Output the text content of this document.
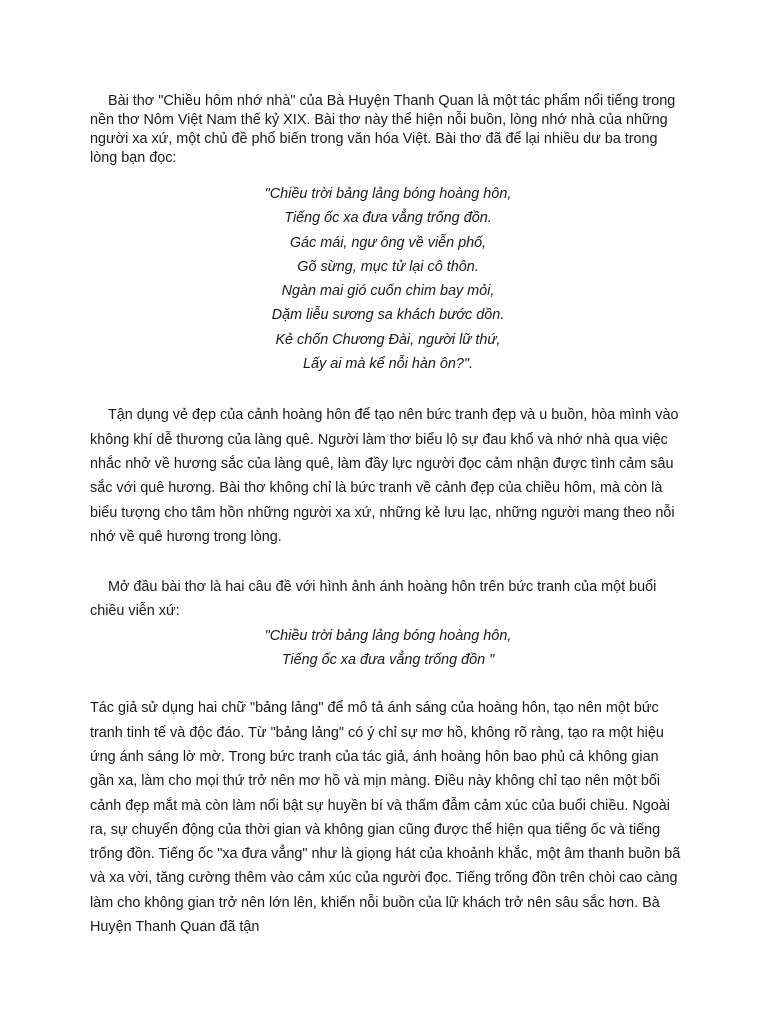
Bài thơ "Chiều hôm nhớ nhà" của Bà Huyện Thanh Quan là một tác phẩm nổi tiếng trong nền thơ Nôm Việt Nam thế kỷ XIX. Bài thơ này thể hiện nỗi buồn, lòng nhớ nhà của những người xa xứ, một chủ đề phổ biến trong văn hóa Việt. Bài thơ đã để lại nhiều dư ba trong lòng bạn đọc:

"Chiều trời bảng lảng bóng hoàng hôn,
Tiếng ốc xa đưa vẳng trống đồn.
Gác mái, ngư ông về viễn phố,
Gõ sừng, mục tử lại cô thôn.
Ngàn mai gió cuốn chim bay mỏi,
Dặm liễu sương sa khách bước dồn.
Kẻ chốn Chương Đài, người lữ thứ,
Lấy ai mà kể nỗi hàn ôn?".

Tận dụng vẻ đẹp của cảnh hoàng hôn để tạo nên bức tranh đẹp và u buồn, hòa mình vào không khí dễ thương của làng quê. Người làm thơ biểu lộ sự đau khổ và nhớ nhà qua việc nhắc nhở về hương sắc của làng quê, làm đầy lực người đọc cảm nhận được tình cảm sâu sắc với quê hương. Bài thơ không chỉ là bức tranh về cảnh đẹp của chiều hôm, mà còn là biểu tượng cho tâm hồn những người xa xứ, những kẻ lưu lạc, những người mang theo nỗi nhớ về quê hương trong lòng.

Mở đầu bài thơ là hai câu đề với hình ảnh ánh hoàng hôn trên bức tranh của một buổi chiều viễn xứ:

"Chiều trời bảng lảng bóng hoàng hôn,
Tiếng ốc xa đưa vẳng trống đồn "

Tác giả sử dụng hai chữ "bảng lảng" để mô tả ánh sáng của hoàng hôn, tạo nên một bức tranh tinh tế và độc đáo. Từ "bảng lảng" có ý chỉ sự mơ hồ, không rõ ràng, tạo ra một hiệu ứng ánh sáng lờ mờ. Trong bức tranh của tác giả, ánh hoàng hôn bao phủ cả không gian gần xa, làm cho mọi thứ trở nên mơ hồ và mịn màng. Điều này không chỉ tạo nên một bối cảnh đẹp mắt mà còn làm nổi bật sự huyền bí và thấm đẫm cảm xúc của buổi chiều. Ngoài ra, sự chuyển động của thời gian và không gian cũng được thể hiện qua tiếng ốc và tiếng trống đồn. Tiếng ốc "xa đưa vẳng" như là giọng hát của khoảnh khắc, một âm thanh buồn bã và xa vời, tăng cường thêm vào cảm xúc của người đọc. Tiếng trống đồn trên chòi cao càng làm cho không gian trở nên lớn lên, khiến nỗi buồn của lữ khách trở nên sâu sắc hơn. Bà Huyện Thanh Quan đã tận
